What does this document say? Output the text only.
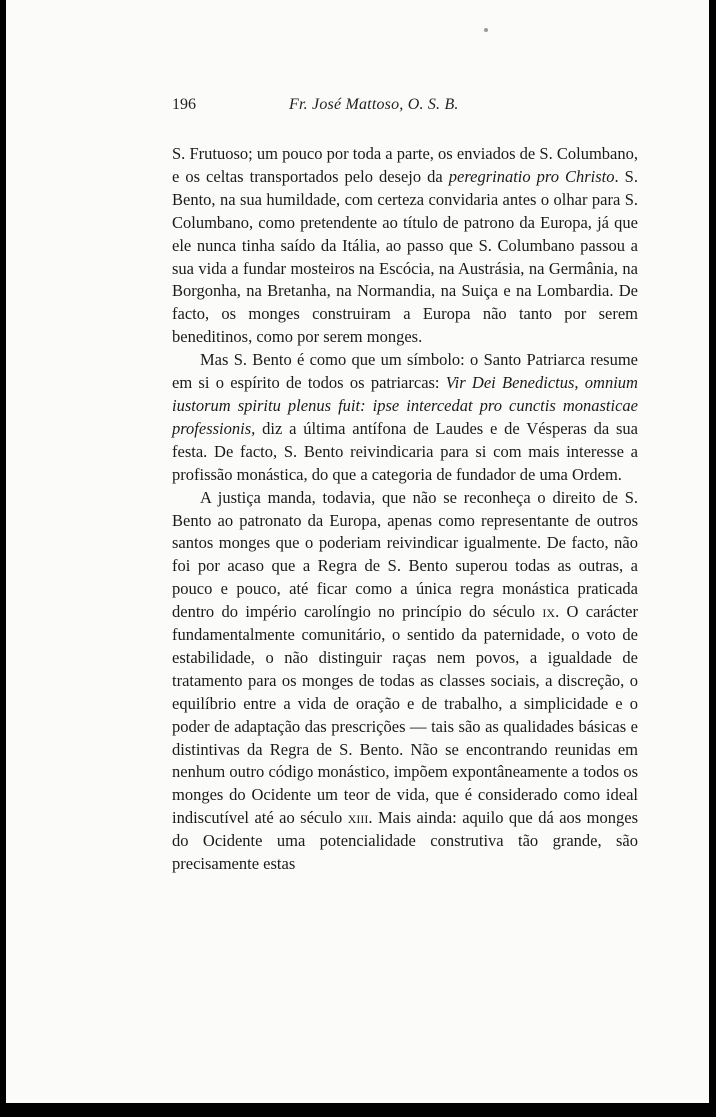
196	Fr. José Mattoso, O. S. B.

S. Frutuoso; um pouco por toda a parte, os enviados de S. Columbano, e os celtas transportados pelo desejo da peregrinatio pro Christo. S. Bento, na sua humildade, com certeza convidaria antes o olhar para S. Columbano, como pretendente ao título de patrono da Europa, já que ele nunca tinha saído da Itália, ao passo que S. Columbano passou a sua vida a fundar mosteiros na Escócia, na Austrásia, na Germânia, na Borgonha, na Bretanha, na Normandia, na Suiça e na Lombardia. De facto, os monges construiram a Europa não tanto por serem beneditinos, como por serem monges.

Mas S. Bento é como que um símbolo: o Santo Patriarca resume em si o espírito de todos os patriarcas: Vir Dei Benedictus, omnium iustorum spiritu plenus fuit: ipse intercedat pro cunctis monasticae professionis, diz a última antífona de Laudes e de Vésperas da sua festa. De facto, S. Bento reivindicaria para si com mais interesse a profissão monástica, do que a categoria de fundador de uma Ordem.

A justiça manda, todavia, que não se reconheça o direito de S. Bento ao patronato da Europa, apenas como representante de outros santos monges que o poderiam reivindicar igualmente. De facto, não foi por acaso que a Regra de S. Bento superou todas as outras, a pouco e pouco, até ficar como a única regra monástica praticada dentro do império carolíngio no princípio do século ix. O carácter fundamentalmente comunitário, o sentido da paternidade, o voto de estabilidade, o não distinguir raças nem povos, a igualdade de tratamento para os monges de todas as classes sociais, a discreção, o equilíbrio entre a vida de oração e de trabalho, a simplicidade e o poder de adaptação das prescrições — tais são as qualidades básicas e distintivas da Regra de S. Bento. Não se encontrando reunidas em nenhum outro código monástico, impõem expontâneamente a todos os monges do Ocidente um teor de vida, que é considerado como ideal indiscutível até ao século xiii. Mais ainda: aquilo que dá aos monges do Ocidente uma potencialidade construtiva tão grande, são precisamente estas
